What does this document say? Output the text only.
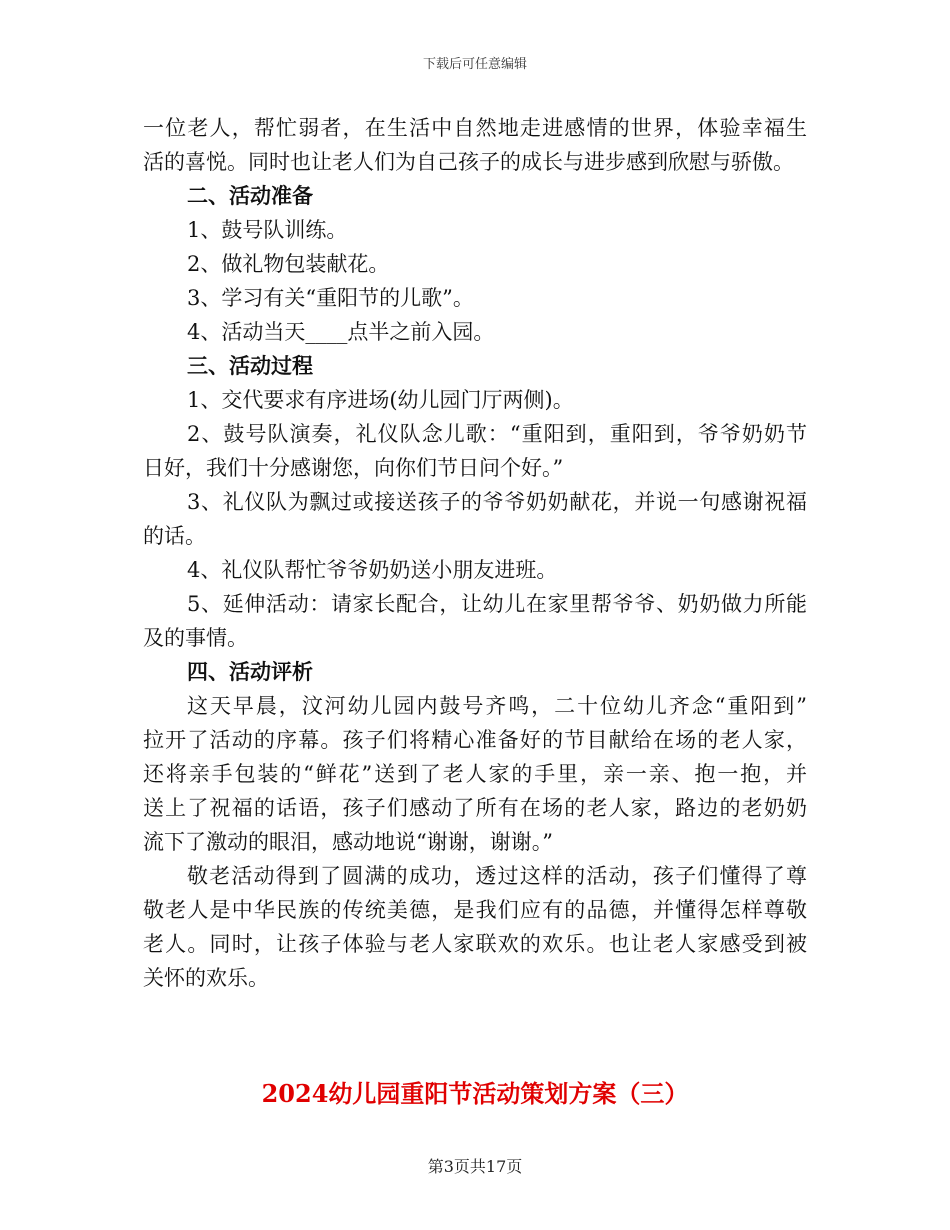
下载后可任意编辑
一位老人，帮忙弱者，在生活中自然地走进感情的世界，体验幸福生
活的喜悦。同时也让老人们为自己孩子的成长与进步感到欣慰与骄傲。
二、活动准备
1、鼓号队训练。
2、做礼物包装献花。
3、学习有关“重阳节的儿歌”。
4、活动当天____点半之前入园。
三、活动过程
1、交代要求有序进场(幼儿园门厅两侧)。
2、鼓号队演奏，礼仪队念儿歌：“重阳到，重阳到，爷爷奶奶节
日好，我们十分感谢您，向你们节日问个好。”
3、礼仪队为飘过或接送孩子的爷爷奶奶献花，并说一句感谢祝福
的话。
4、礼仪队帮忙爷爷奶奶送小朋友进班。
5、延伸活动：请家长配合，让幼儿在家里帮爷爷、奶奶做力所能
及的事情。
四、活动评析
这天早晨，汶河幼儿园内鼓号齐鸣，二十位幼儿齐念“重阳到”
拉开了活动的序幕。孩子们将精心准备好的节目献给在场的老人家，
还将亲手包装的“鲜花”送到了老人家的手里，亲一亲、抱一抱，并
送上了祝福的话语，孩子们感动了所有在场的老人家，路边的老奶奶
流下了激动的眼泪，感动地说“谢谢，谢谢。”
敬老活动得到了圆满的成功，透过这样的活动，孩子们懂得了尊
敬老人是中华民族的传统美德，是我们应有的品德，并懂得怎样尊敬
老人。同时，让孩子体验与老人家联欢的欢乐。也让老人家感受到被
关怀的欢乐。
2024幼儿园重阳节活动策划方案（三）
第3页共17页
